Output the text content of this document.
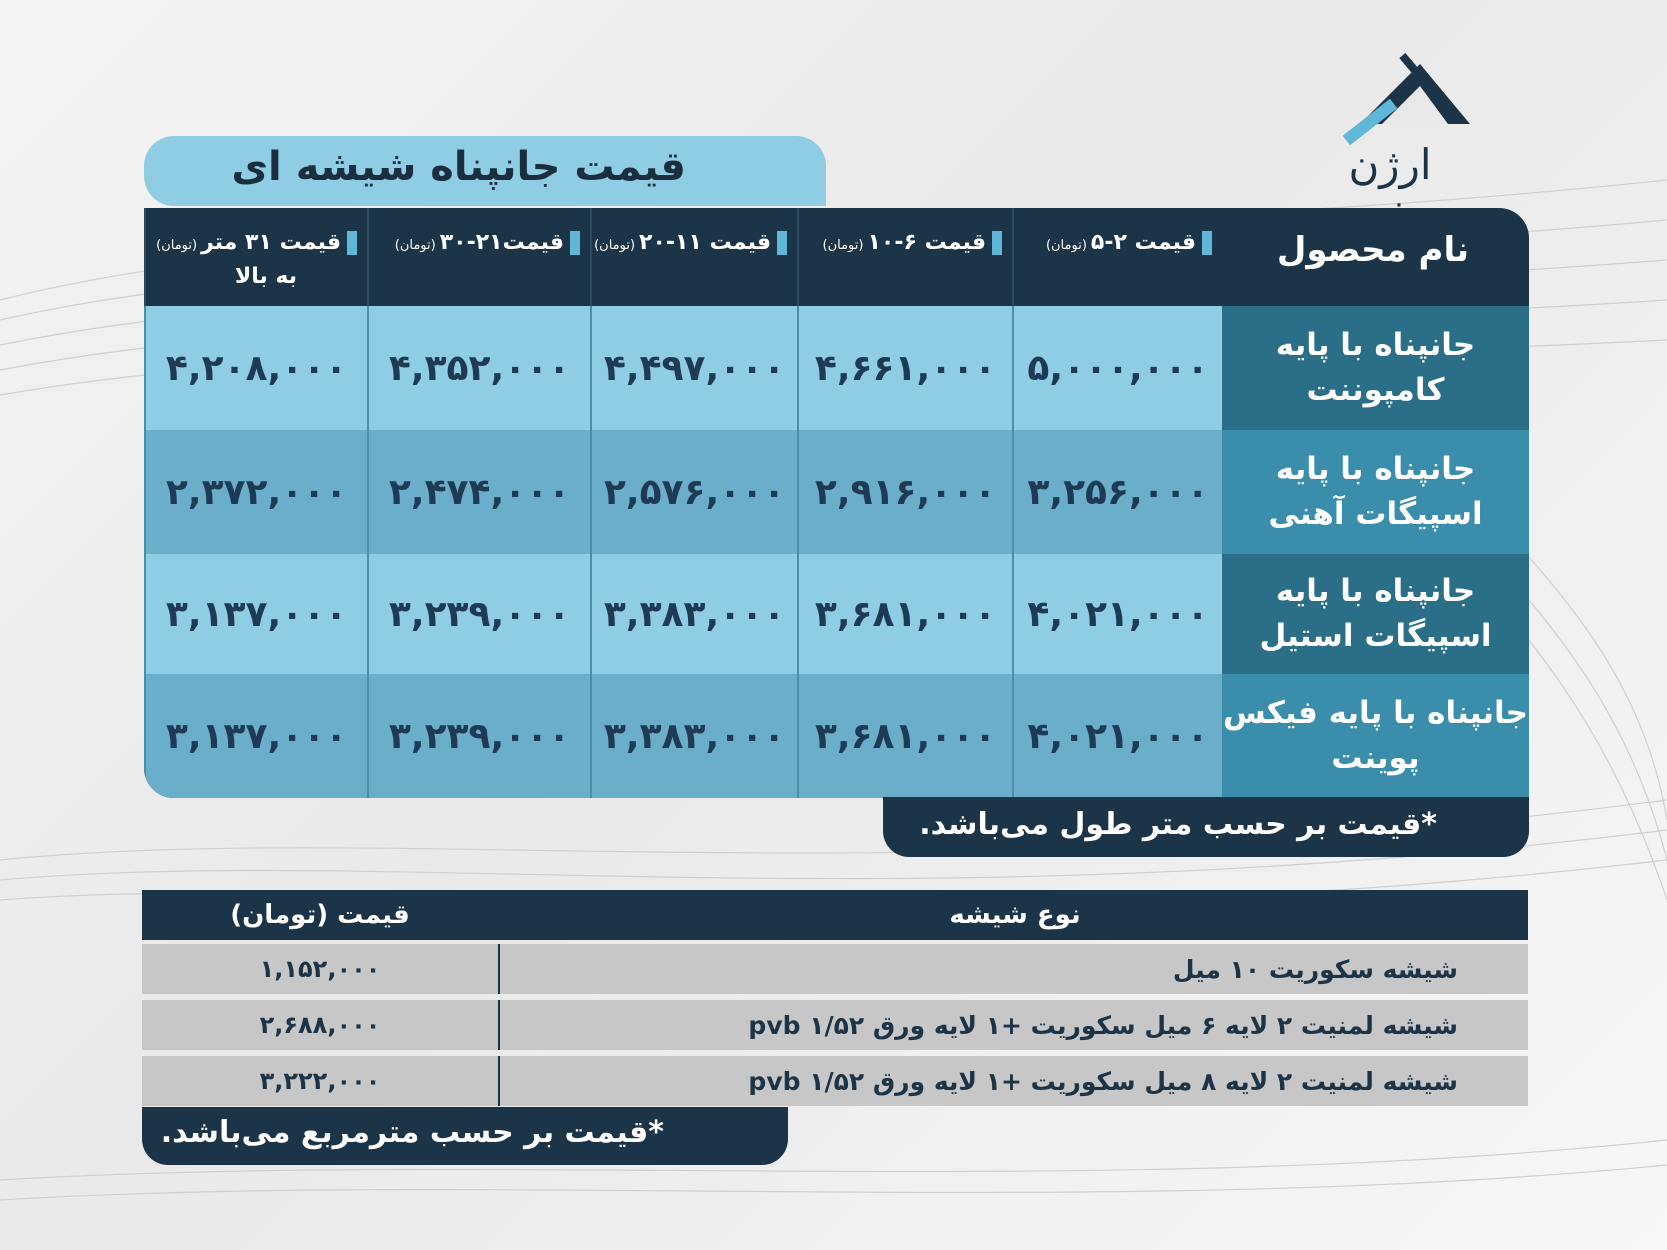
ارژن
قیمت جانپناه شیشه ای
قیمت ۳۱ متر(تومان)
به بالا
قیمت۲۱-۳۰(تومان)	قیمت ۱۱-۲۰(تومان)	قیمت ۶-۱۰(تومان)	قیمت ۲-۵(تومان)	نام محصول
۴,۲۰۸,۰۰۰	۴,۳۵۲,۰۰۰ ۴,۴۹۷,۰۰۰ ۴,۶۶۱,۰۰۰ ۵,۰۰۰,۰۰۰
جانپناه با پایه کامپوننت
۲,۳۷۲,۰۰۰	۲,۴۷۴,۰۰۰ ۲,۵۷۶,۰۰۰ ۲,۹۱۶,۰۰۰ ۳,۲۵۶,۰۰۰
جانپناه با پایه اسپیگات آهنی
۳,۱۳۷,۰۰۰	۳,۲۳۹,۰۰۰ ۳,۳۸۳,۰۰۰ ۳,۶۸۱,۰۰۰ ۴,۰۲۱,۰۰۰
جانپناه با پایه اسپیگات استیل
۳,۱۳۷,۰۰۰	۳,۲۳۹,۰۰۰ ۳,۳۸۳,۰۰۰ ۳,۶۸۱,۰۰۰ ۴,۰۲۱,۰۰۰
جانپناه با پایه فیکس پوینت
*قیمت بر حسب متر طول می‌باشد.
قیمت (تومان)	نوع شیشه
۱,۱۵۲,۰۰۰	شیشه سکوریت ۱۰ میل
۲,۶۸۸,۰۰۰	شیشه لمنیت ۲ لایه ۶ میل سکوریت +۱ لایه ورق pvb ۱/۵۲
۳,۲۲۲,۰۰۰	شیشه لمنیت ۲ لایه ۸ میل سکوریت +۱ لایه ورق pvb ۱/۵۲
*قیمت بر حسب مترمربع می‌باشد.
